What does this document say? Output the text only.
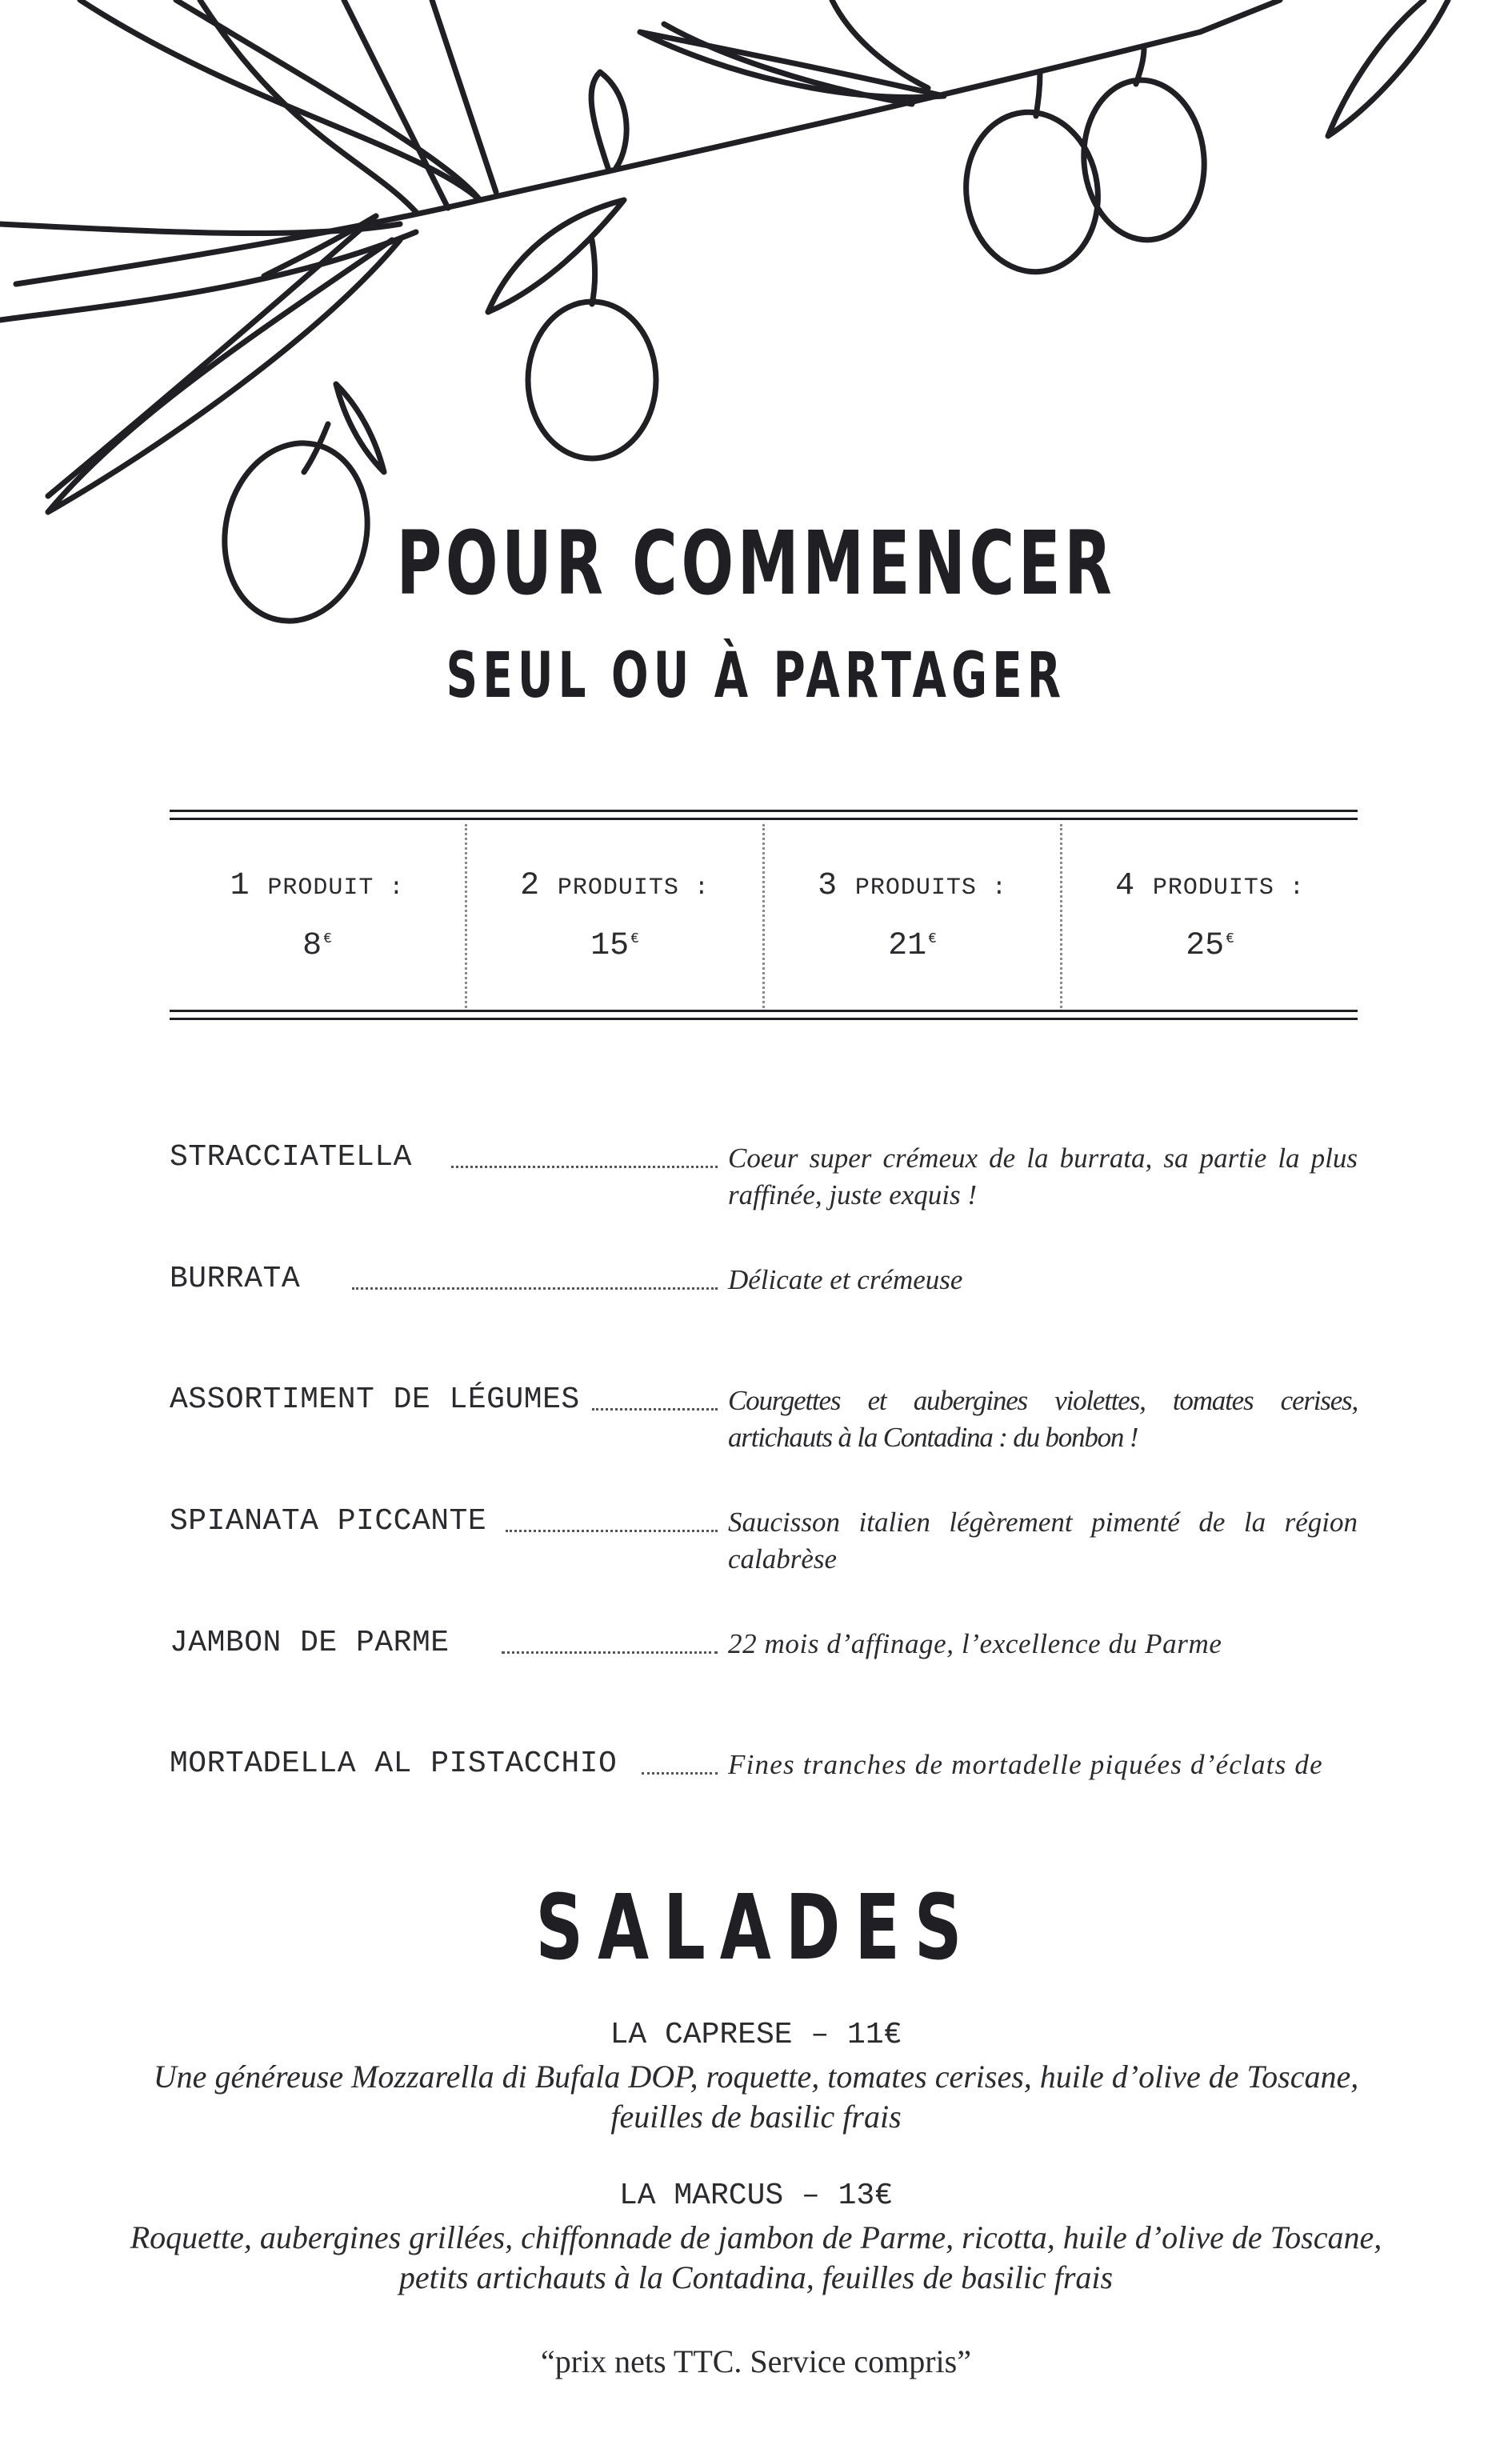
POUR COMMENCER
SEUL OU À PARTAGER
1 PRODUIT :
8 €
2 PRODUITS :
15 €
3 PRODUITS :
21 €
4 PRODUITS :
25 €
STRACCIATELLA	Coeur super crémeux de la burrata, sa partie la plus raffinée, juste exquis !
BURRATA	Délicate et crémeuse
ASSORTIMENT DE LÉGUMES	Courgettes et aubergines violettes, tomates cerises, artichauts à la Contadina : du bonbon !
SPIANATA PICCANTE	Saucisson italien légèrement pimenté de la région calabrèse
JAMBON DE PARME	22 mois d’affinage, l’excellence du Parme
MORTADELLA AL PISTACCHIO	Fines tranches de mortadelle piquées d’éclats de
SALADES
LA CAPRESE – 11€
Une généreuse Mozzarella di Bufala DOP, roquette, tomates cerises, huile d’olive de Toscane,
feuilles de basilic frais
LA MARCUS – 13€
Roquette, aubergines grillées, chiffonnade de jambon de Parme, ricotta, huile d’olive de Toscane,
petits artichauts à la Contadina, feuilles de basilic frais
“prix nets TTC. Service compris”
